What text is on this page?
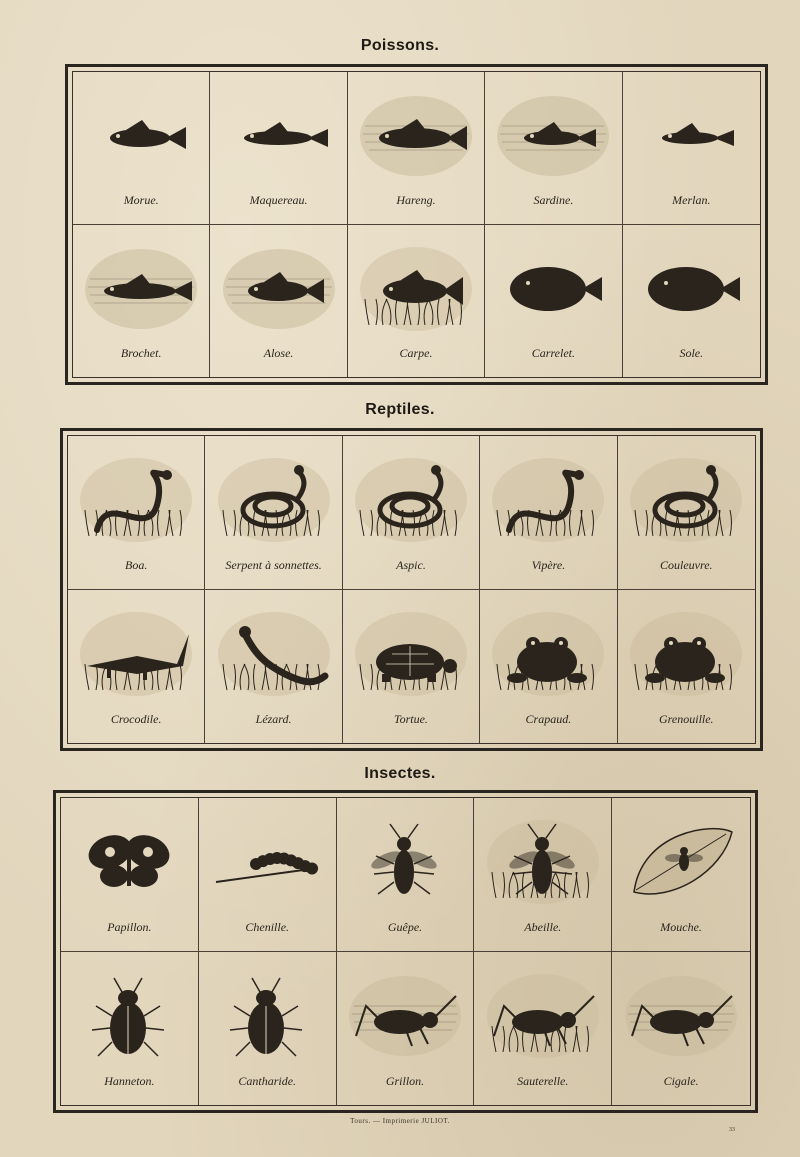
Poissons.
Morue.	Maquereau.	Hareng.	Sardine.	Merlan.
Brochet.	Alose.	Carpe.	Carrelet.	Sole.
Reptiles.
Boa.	Serpent à sonnettes.	Aspic.	Vipère.	Couleuvre.
Crocodile.	Lézard.	Tortue.	Crapaud.	Grenouille.
Insectes.
Papillon.	Chenille.	Guêpe.	Abeille.	Mouche.
Hanneton.	Cantharide.	Grillon.	Sauterelle.	Cigale.
Tours. — Imprimerie JULIOT.
33
